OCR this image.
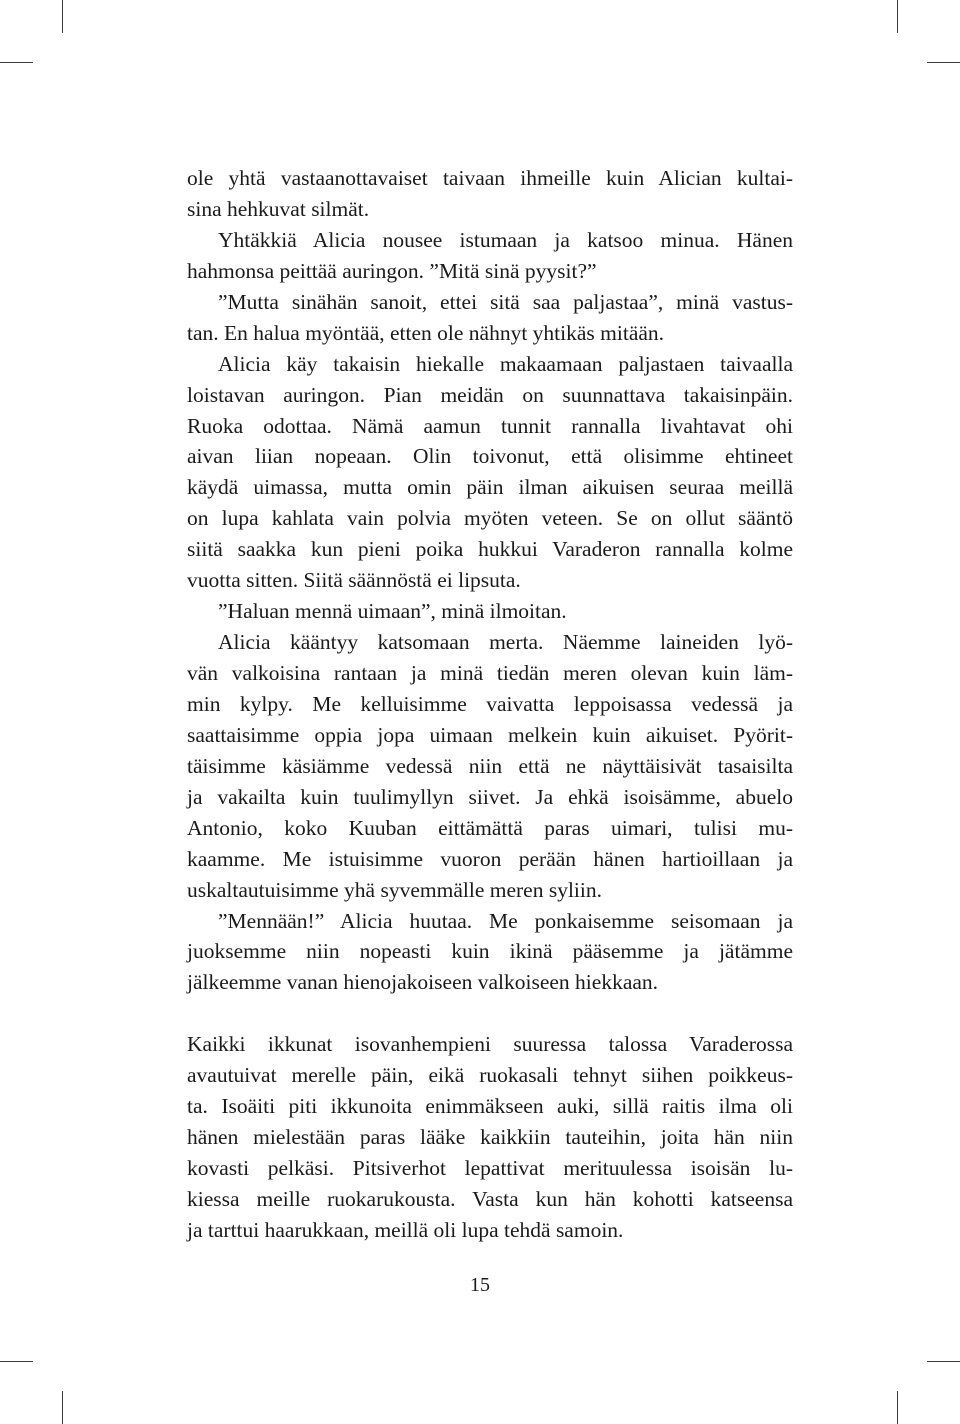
ole yhtä vastaanottavaiset taivaan ihmeille kuin Alician kultai-
sina hehkuvat silmät.
Yhtäkkiä Alicia nousee istumaan ja katsoo minua. Hänen
hahmonsa peittää auringon. ”Mitä sinä pyysit?”
”Mutta sinähän sanoit, ettei sitä saa paljastaa”, minä vastus-
tan. En halua myöntää, etten ole nähnyt yhtikäs mitään.
Alicia käy takaisin hiekalle makaamaan paljastaen taivaalla
loistavan auringon. Pian meidän on suunnattava takaisinpäin.
Ruoka odottaa. Nämä aamun tunnit rannalla livahtavat ohi
aivan liian nopeaan. Olin toivonut, että olisimme ehtineet
käydä uimassa, mutta omin päin ilman aikuisen seuraa meillä
on lupa kahlata vain polvia myöten veteen. Se on ollut sääntö
siitä saakka kun pieni poika hukkui Varaderon rannalla kolme
vuotta sitten. Siitä säännöstä ei lipsuta.
”Haluan mennä uimaan”, minä ilmoitan.
Alicia kääntyy katsomaan merta. Näemme laineiden lyö-
vän valkoisina rantaan ja minä tiedän meren olevan kuin läm-
min kylpy. Me kelluisimme vaivatta leppoisassa vedessä ja
saattaisimme oppia jopa uimaan melkein kuin aikuiset. Pyörit-
täisimme käsiämme vedessä niin että ne näyttäisivät tasaisilta
ja vakailta kuin tuulimyllyn siivet. Ja ehkä isoisämme, abuelo
Antonio, koko Kuuban eittämättä paras uimari, tulisi mu-
kaamme. Me istuisimme vuoron perään hänen hartioillaan ja
uskaltautuisimme yhä syvemmälle meren syliin.
”Mennään!” Alicia huutaa. Me ponkaisemme seisomaan ja
juoksemme niin nopeasti kuin ikinä pääsemme ja jätämme
jälkeemme vanan hienojakoiseen valkoiseen hiekkaan.
Kaikki ikkunat isovanhempieni suuressa talossa Varaderossa
avautuivat merelle päin, eikä ruokasali tehnyt siihen poikkeus-
ta. Isoäiti piti ikkunoita enimmäkseen auki, sillä raitis ilma oli
hänen mielestään paras lääke kaikkiin tauteihin, joita hän niin
kovasti pelkäsi. Pitsiverhot lepattivat merituulessa isoisän lu-
kiessa meille ruokarukousta. Vasta kun hän kohotti katseensa
ja tarttui haarukkaan, meillä oli lupa tehdä samoin.
15
